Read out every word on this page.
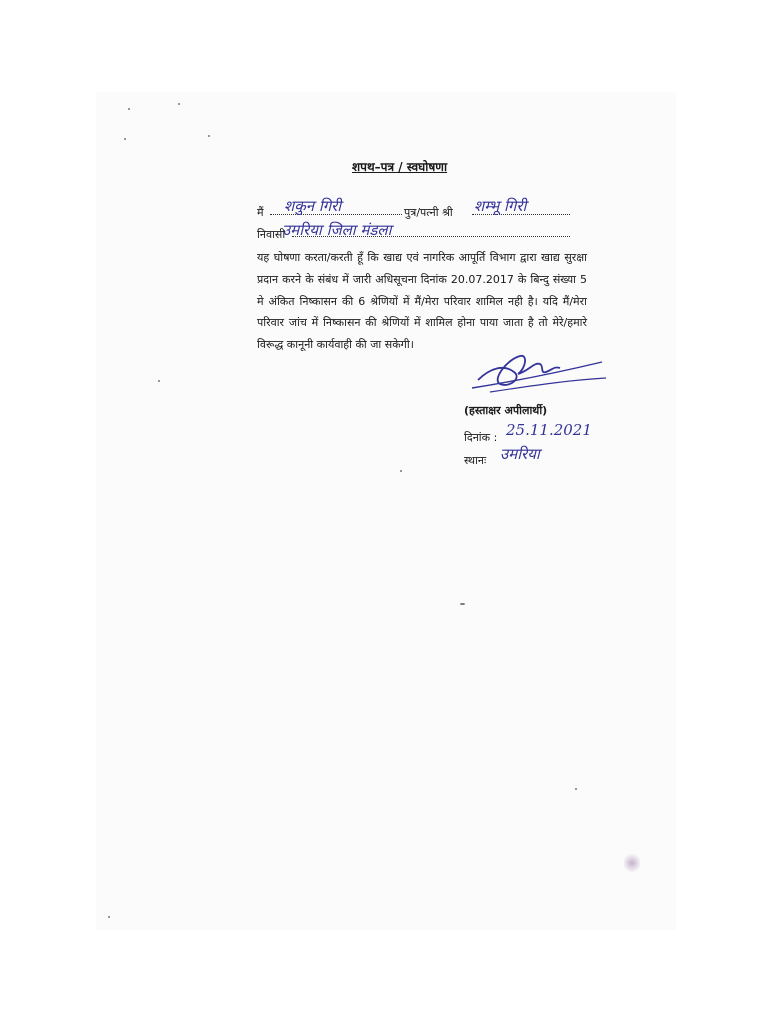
शपथ–पत्र / स्वघोषणा
मैं शकुन गिरी	पुत्र/पत्नी श्री शम्भू गिरी
निवासी
उमरिया जिला मंडला
यह घोषणा करता/करती हूँ कि खाद्य एवं नागरिक आपूर्ति विभाग द्वारा खाद्य सुरक्षा प्रदान करने के संबंध में जारी अधिसूचना दिनांक 20.07.2017 के बिन्दु संख्या 5 मे अंकित निष्कासन की 6 श्रेणियों में मैं/मेरा परिवार शामिल नही है। यदि मैं/मेरा परिवार जांच में निष्कासन की श्रेणियों में शामिल होना पाया जाता है तो मेरे/हमारे विरूद्ध कानूनी कार्यवाही की जा सकेगी।
(हस्ताक्षर अपीलार्थी)
दिनांक : 25.11.2021
स्थानः उमरिया
